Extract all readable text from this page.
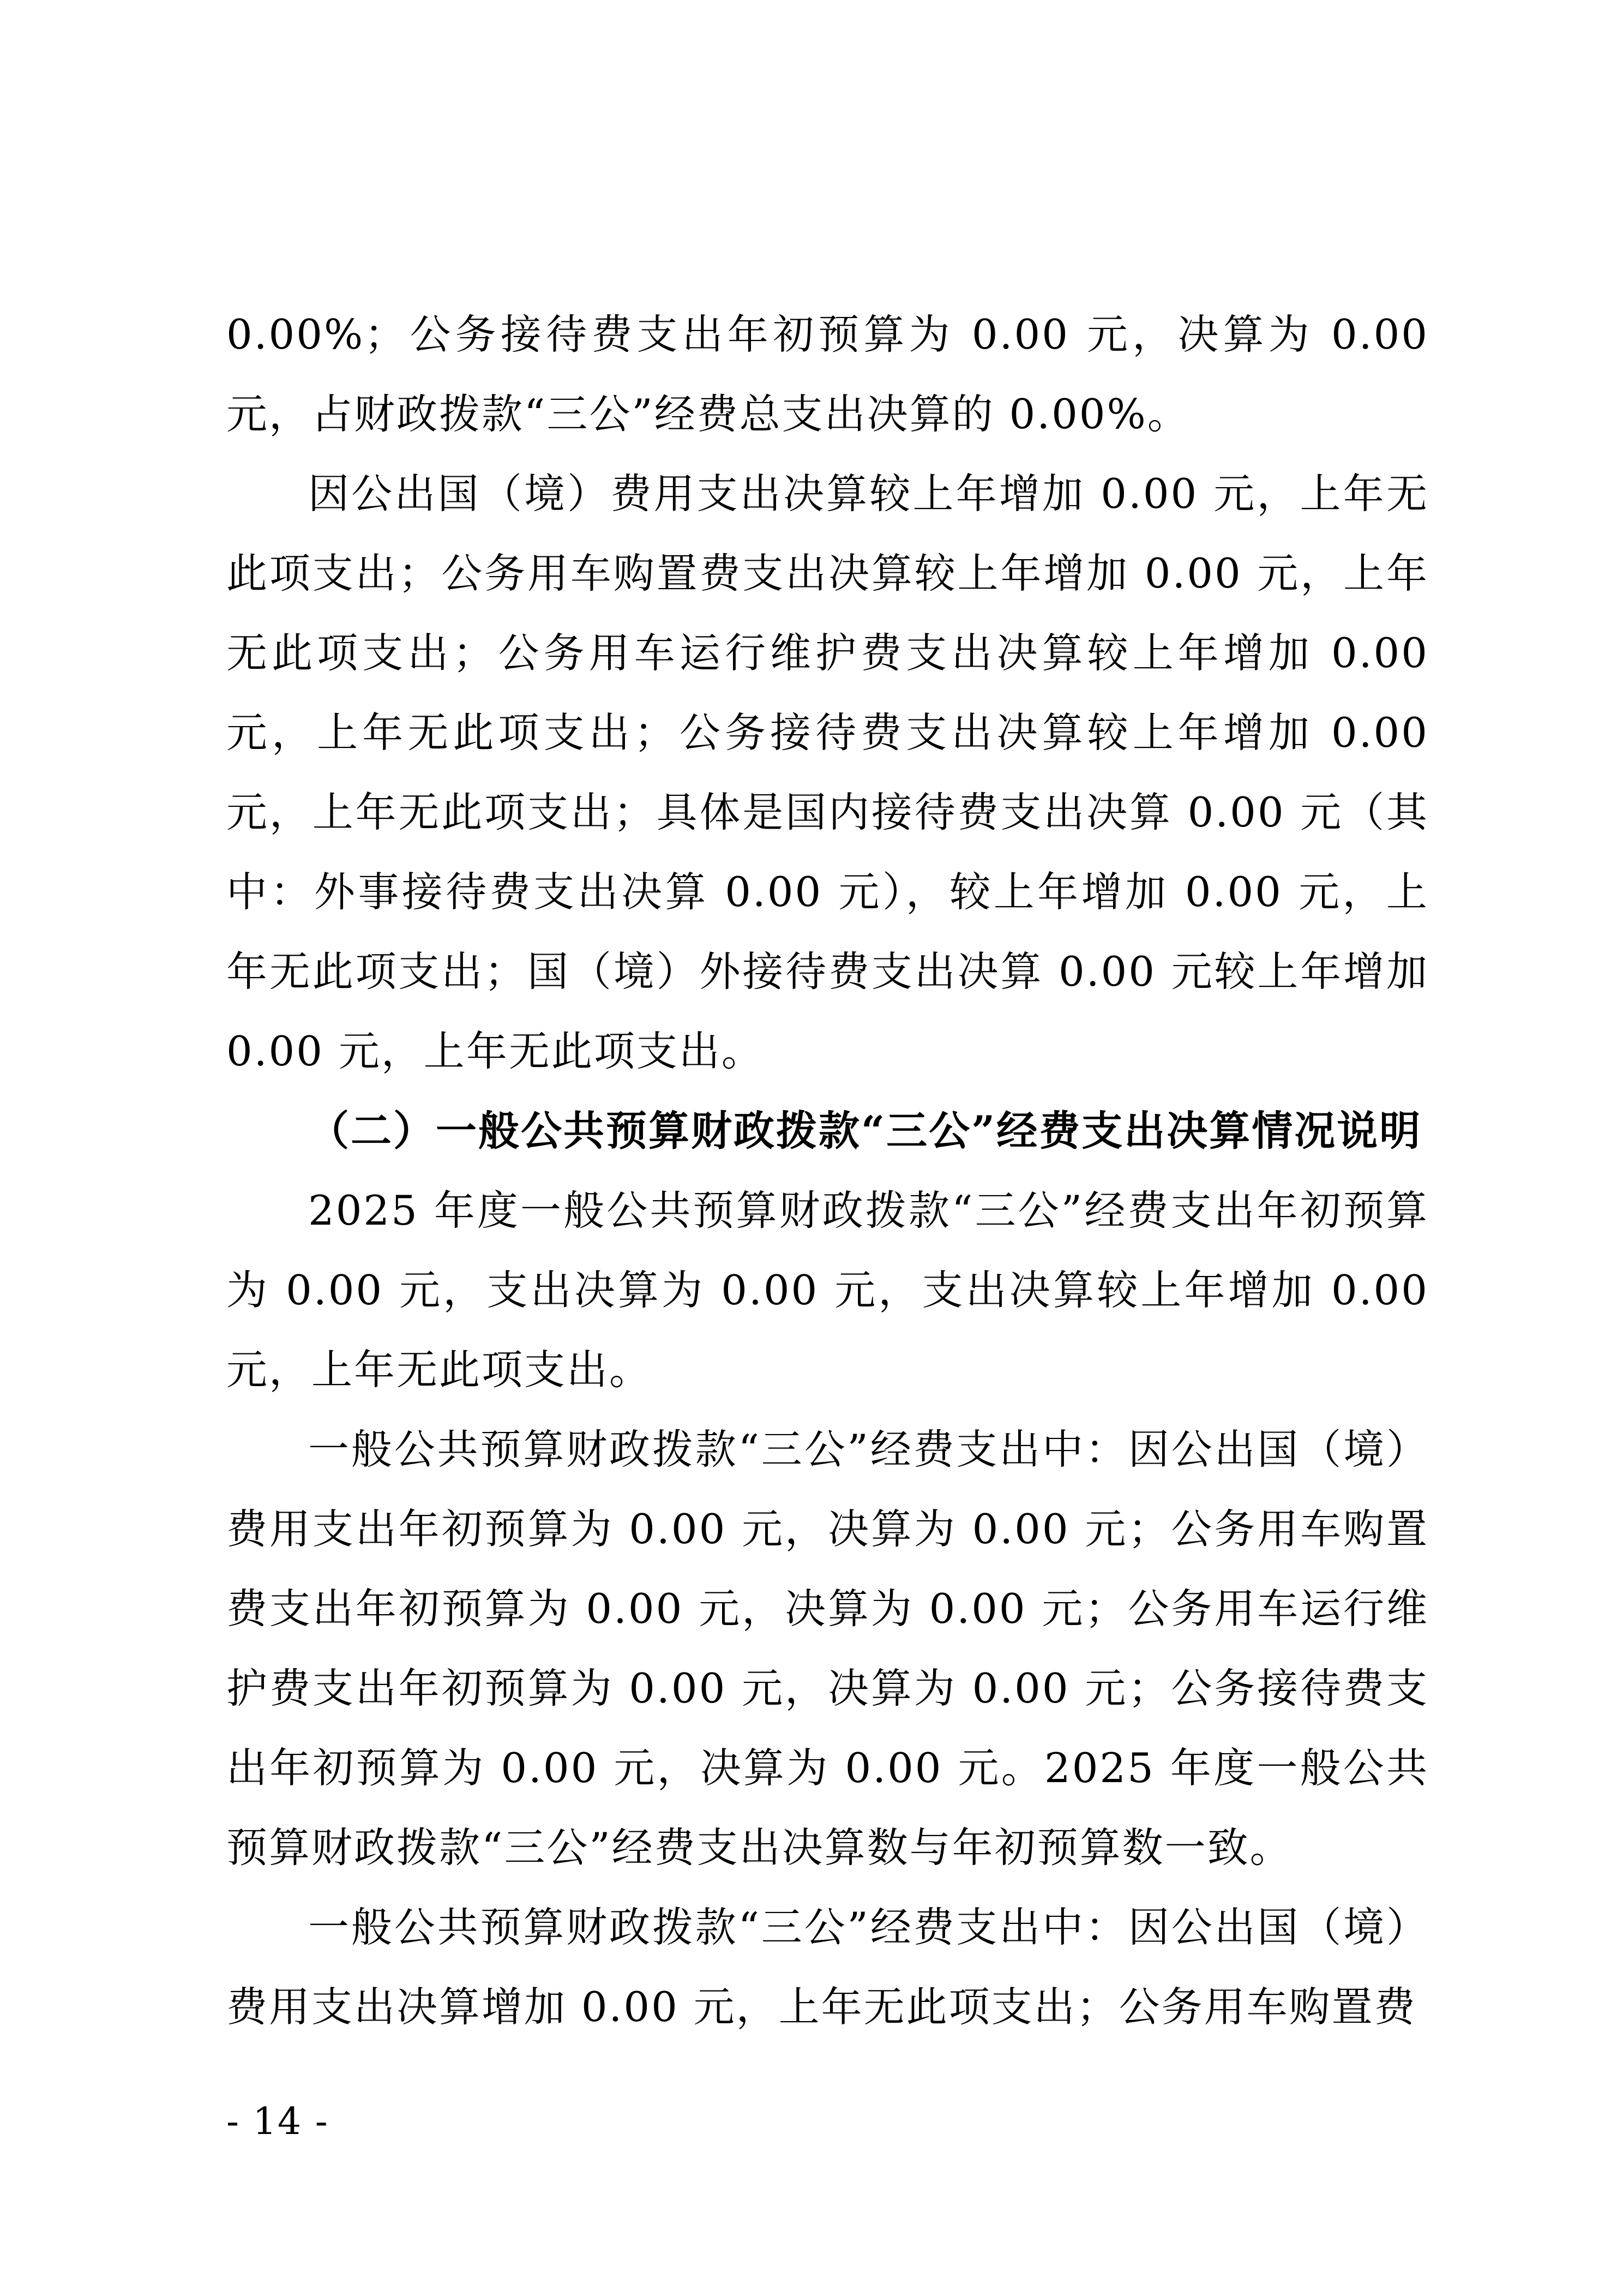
0.00%；公务接待费支出年初预算为 0.00 元，决算为 0.00 元，占财政拨款“三公”经费总支出决算的 0.00%。

因公出国（境）费用支出决算较上年增加 0.00 元，上年无此项支出；公务用车购置费支出决算较上年增加 0.00 元，上年无此项支出；公务用车运行维护费支出决算较上年增加 0.00 元，上年无此项支出；公务接待费支出决算较上年增加 0.00 元，上年无此项支出；具体是国内接待费支出决算 0.00 元（其中：外事接待费支出决算 0.00 元），较上年增加 0.00 元，上年无此项支出；国（境）外接待费支出决算 0.00 元较上年增加 0.00 元，上年无此项支出。

（二）一般公共预算财政拨款“三公”经费支出决算情况说明

2025 年度一般公共预算财政拨款“三公”经费支出年初预算为 0.00 元，支出决算为 0.00 元，支出决算较上年增加 0.00 元，上年无此项支出。

一般公共预算财政拨款“三公”经费支出中：因公出国（境）费用支出年初预算为 0.00 元，决算为 0.00 元；公务用车购置费支出年初预算为 0.00 元，决算为 0.00 元；公务用车运行维护费支出年初预算为 0.00 元，决算为 0.00 元；公务接待费支出年初预算为 0.00 元，决算为 0.00 元。2025 年度一般公共预算财政拨款“三公”经费支出决算数与年初预算数一致。

一般公共预算财政拨款“三公”经费支出中：因公出国（境）费用支出决算增加 0.00 元，上年无此项支出；公务用车购置费

- 14 -
